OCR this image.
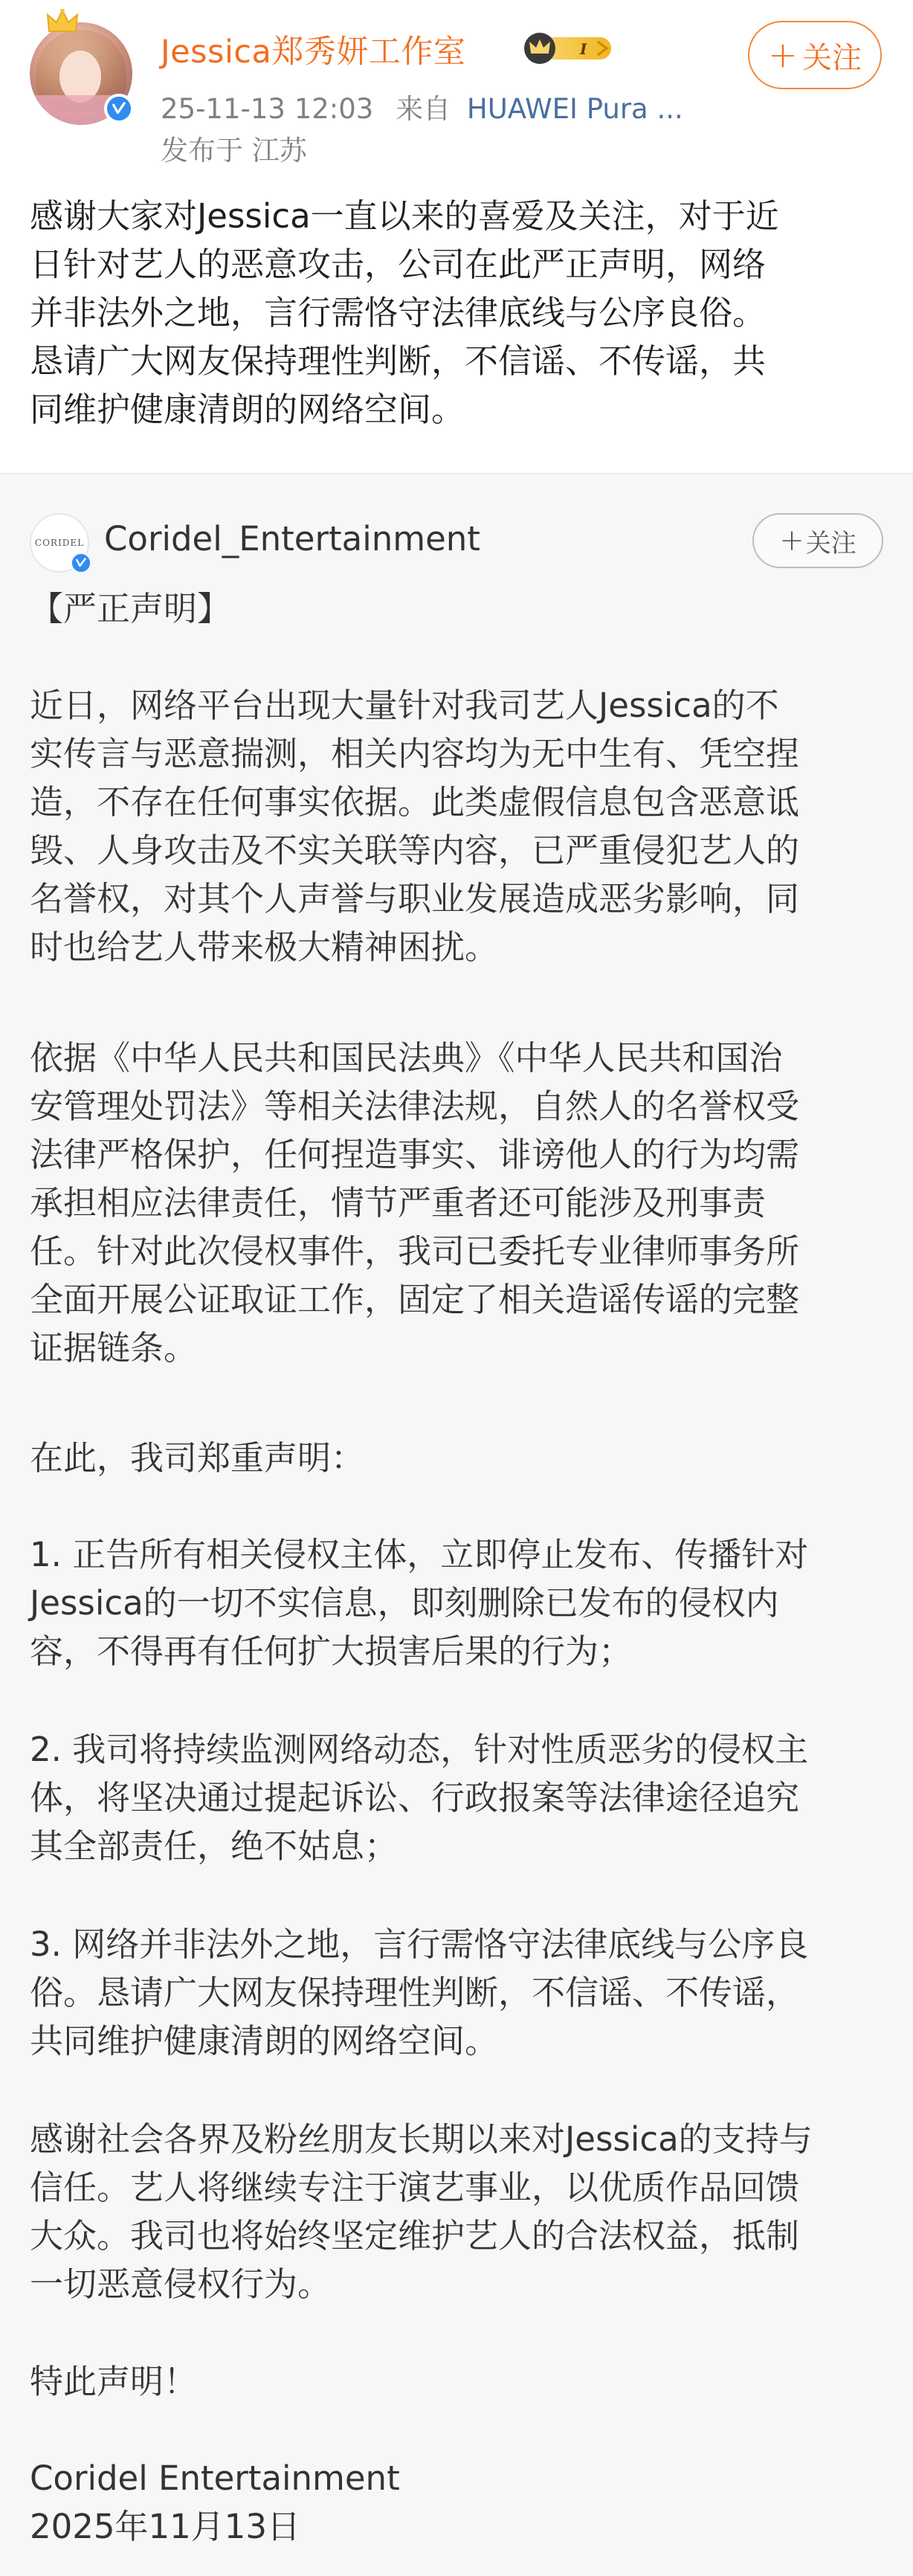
Jessica郑秀妍工作室	I
25-11-13 12:03 来自 HUAWEI Pura ...
发布于 江苏
+ 关注
感谢大家对Jessica一直以来的喜爱及关注，对于近
日针对艺人的恶意攻击，公司在此严正声明，网络
并非法外之地，言行需恪守法律底线与公序良俗。
恳请广大网友保持理性判断，不信谣、不传谣，共
同维护健康清朗的网络空间。
CORIDEL Coridel_Entertainment	+ 关注
【严正声明】
近日，网络平台出现大量针对我司艺人Jessica的不
实传言与恶意揣测，相关内容均为无中生有、凭空捏
造，不存在任何事实依据。此类虚假信息包含恶意诋
毁、人身攻击及不实关联等内容，已严重侵犯艺人的
名誉权，对其个人声誉与职业发展造成恶劣影响，同
时也给艺人带来极大精神困扰。
依据《中华人民共和国民法典》《中华人民共和国治
安管理处罚法》等相关法律法规，自然人的名誉权受
法律严格保护，任何捏造事实、诽谤他人的行为均需
承担相应法律责任，情节严重者还可能涉及刑事责
任。针对此次侵权事件，我司已委托专业律师事务所
全面开展公证取证工作，固定了相关造谣传谣的完整
证据链条。
在此，我司郑重声明：
1. 正告所有相关侵权主体，立即停止发布、传播针对
Jessica的一切不实信息，即刻删除已发布的侵权内
容，不得再有任何扩大损害后果的行为；
2. 我司将持续监测网络动态，针对性质恶劣的侵权主
体，将坚决通过提起诉讼、行政报案等法律途径追究
其全部责任，绝不姑息；
3. 网络并非法外之地，言行需恪守法律底线与公序良
俗。恳请广大网友保持理性判断，不信谣、不传谣，
共同维护健康清朗的网络空间。
感谢社会各界及粉丝朋友长期以来对Jessica的支持与
信任。艺人将继续专注于演艺事业，以优质作品回馈
大众。我司也将始终坚定维护艺人的合法权益，抵制
一切恶意侵权行为。
特此声明！
Coridel Entertainment
2025年11月13日
